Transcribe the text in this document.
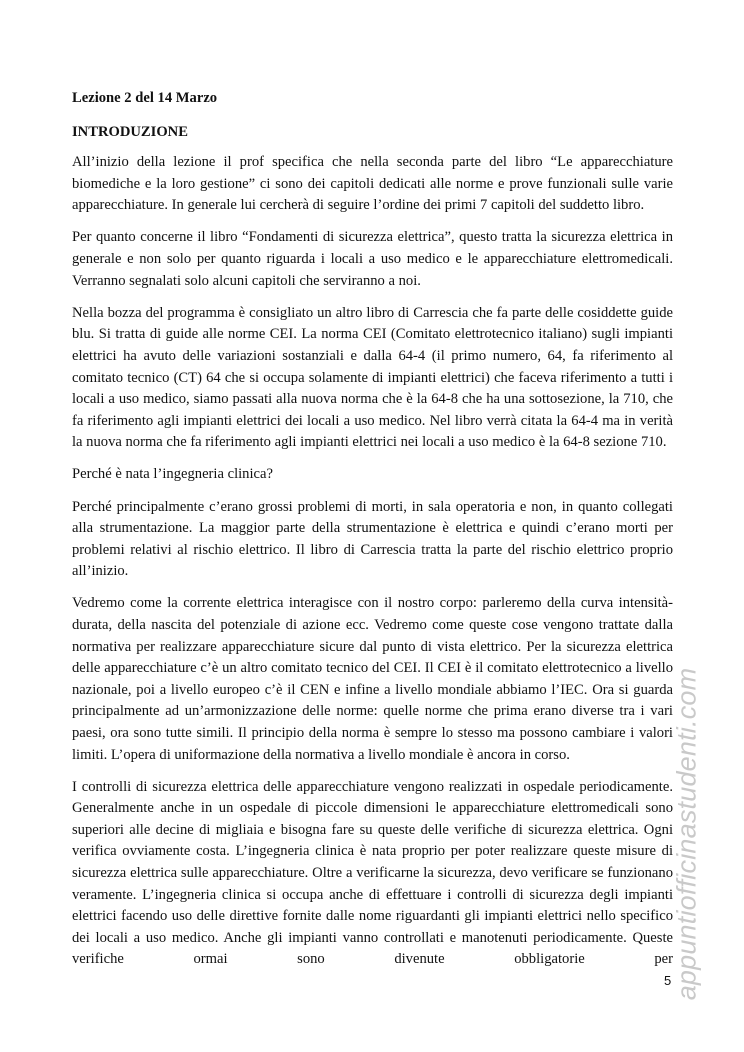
Lezione 2 del 14 Marzo

INTRODUZIONE

All’inizio della lezione il prof specifica che nella seconda parte del libro “Le apparecchiature biomediche e la loro gestione” ci sono dei capitoli dedicati alle norme e prove funzionali sulle varie apparecchiature. In generale lui cercherà di seguire l’ordine dei primi 7 capitoli del suddetto libro.

Per quanto concerne il libro “Fondamenti di sicurezza elettrica”, questo tratta la sicurezza elettrica in generale e non solo per quanto riguarda i locali a uso medico e le apparecchiature elettromedicali. Verranno segnalati solo alcuni capitoli che serviranno a noi.

Nella bozza del programma è consigliato un altro libro di Carrescia che fa parte delle cosiddette guide blu. Si tratta di guide alle norme CEI. La norma CEI (Comitato elettrotecnico italiano) sugli impianti elettrici ha avuto delle variazioni sostanziali e dalla 64-4 (il primo numero, 64, fa riferimento al comitato tecnico (CT) 64 che si occupa solamente di impianti elettrici) che faceva riferimento a tutti i locali a uso medico, siamo passati alla nuova norma che è la 64-8 che ha una sottosezione, la 710, che fa riferimento agli impianti elettrici dei locali a uso medico. Nel libro verrà citata la 64-4 ma in verità la nuova norma che fa riferimento agli impianti elettrici nei locali a uso medico è la 64-8 sezione 710.

Perché è nata l’ingegneria clinica?

Perché principalmente c’erano grossi problemi di morti, in sala operatoria e non, in quanto collegati alla strumentazione. La maggior parte della strumentazione è elettrica e quindi c’erano morti per problemi relativi al rischio elettrico. Il libro di Carrescia tratta la parte del rischio elettrico proprio all’inizio.

Vedremo come la corrente elettrica interagisce con il nostro corpo: parleremo della curva intensità-durata, della nascita del potenziale di azione ecc. Vedremo come queste cose vengono trattate dalla normativa per realizzare apparecchiature sicure dal punto di vista elettrico. Per la sicurezza elettrica delle apparecchiature c’è un altro comitato tecnico del CEI. Il CEI è il comitato elettrotecnico a livello nazionale, poi a livello europeo c’è il CEN e infine a livello mondiale abbiamo l’IEC. Ora si guarda principalmente ad un’armonizzazione delle norme: quelle norme che prima erano diverse tra i vari paesi, ora sono tutte simili. Il principio della norma è sempre lo stesso ma possono cambiare i valori limiti. L’opera di uniformazione della normativa a livello mondiale è ancora in corso.

I controlli di sicurezza elettrica delle apparecchiature vengono realizzati in ospedale periodicamente. Generalmente anche in un ospedale di piccole dimensioni le apparecchiature elettromedicali sono superiori alle decine di migliaia e bisogna fare su queste delle verifiche di sicurezza elettrica. Ogni verifica ovviamente costa. L’ingegneria clinica è nata proprio per poter realizzare queste misure di sicurezza elettrica sulle apparecchiature. Oltre a verificarne la sicurezza, devo verificare se funzionano veramente. L’ingegneria clinica si occupa anche di effettuare i controlli di sicurezza degli impianti elettrici facendo uso delle direttive fornite dalle nome riguardanti gli impianti elettrici nello specifico dei locali a uso medico. Anche gli impianti vanno controllati e manotenuti periodicamente. Queste verifiche ormai sono divenute obbligatorie per

5 appuntiofficinastudenti.com
